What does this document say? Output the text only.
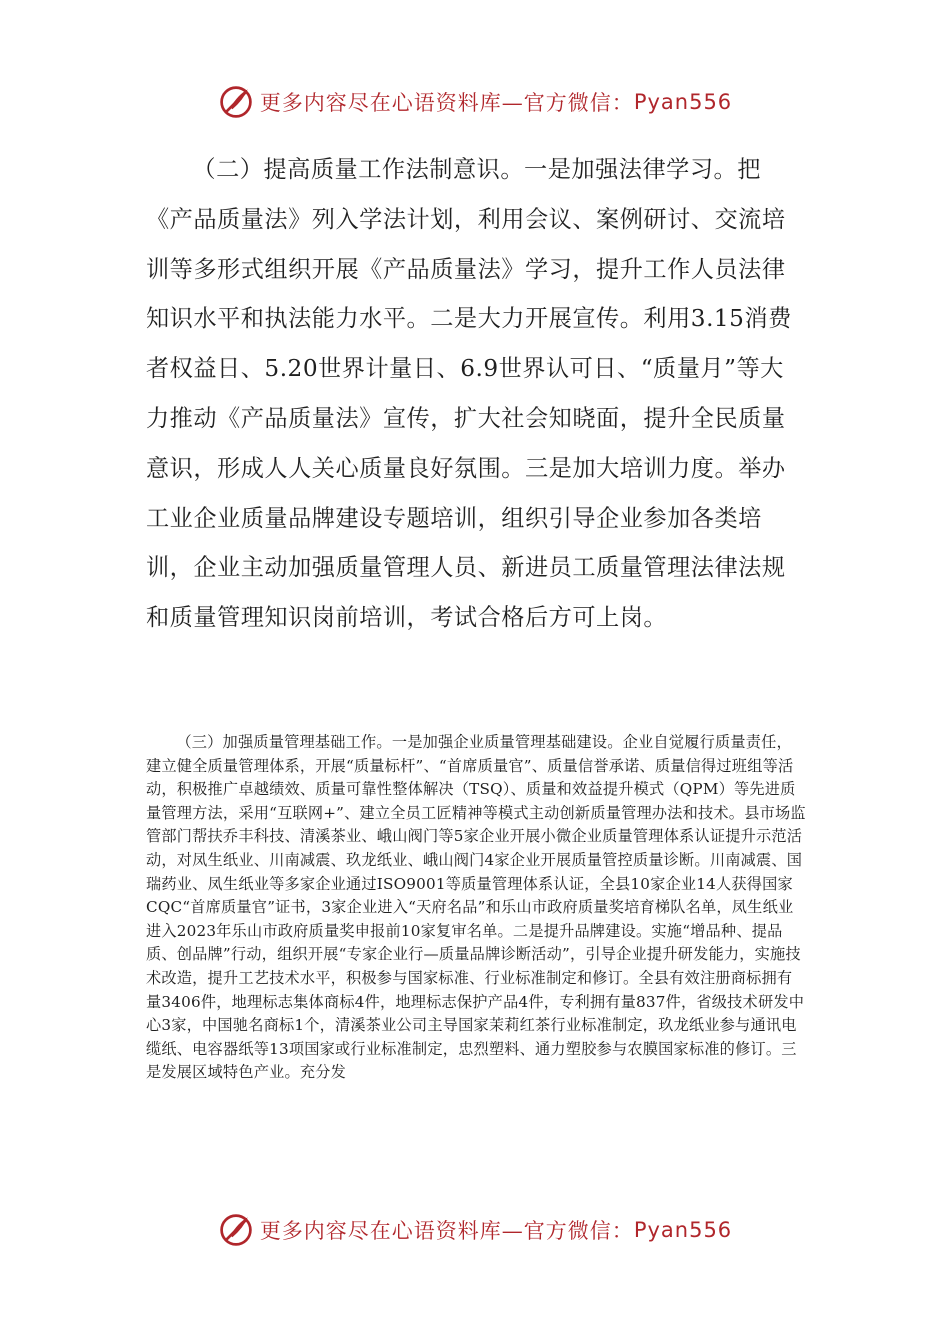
更多内容尽在心语资料库—官方微信： Pyan556

（二）提高质量工作法制意识。一是加强法律学习。把《产品质量法》列入学法计划，利用会议、案例研讨、交流培训等多形式组织开展《产品质量法》学习，提升工作人员法律知识水平和执法能力水平。二是大力开展宣传。利用3.15消费者权益日、5.20世界计量日、6.9世界认可日、“质量月”等大力推动《产品质量法》宣传，扩大社会知晓面，提升全民质量意识，形成人人关心质量良好氛围。三是加大培训力度。举办工业企业质量品牌建设专题培训，组织引导企业参加各类培训，企业主动加强质量管理人员、新进员工质量管理法律法规和质量管理知识岗前培训，考试合格后方可上岗。

（三）加强质量管理基础工作。一是加强企业质量管理基础建设。企业自觉履行质量责任，建立健全质量管理体系，开展“质量标杆”、“首席质量官”、质量信誉承诺、质量信得过班组等活动，积极推广卓越绩效、质量可靠性整体解决（TSQ）、质量和效益提升模式（QPM）等先进质量管理方法，采用“互联网+”、建立全员工匠精神等模式主动创新质量管理办法和技术。县市场监管部门帮扶乔丰科技、清溪茶业、峨山阀门等5家企业开展小微企业质量管理体系认证提升示范活动，对凤生纸业、川南减震、玖龙纸业、峨山阀门4家企业开展质量管控质量诊断。川南减震、国瑞药业、凤生纸业等多家企业通过ISO9001等质量管理体系认证，全县10家企业14人获得国家CQC“首席质量官”证书，3家企业进入“天府名品”和乐山市政府质量奖培育梯队名单，凤生纸业进入2023年乐山市政府质量奖申报前10家复审名单。二是提升品牌建设。实施“增品种、提品质、创品牌”行动，组织开展“专家企业行—质量品牌诊断活动”，引导企业提升研发能力，实施技术改造，提升工艺技术水平，积极参与国家标准、行业标准制定和修订。全县有效注册商标拥有量3406件，地理标志集体商标4件，地理标志保护产品4件，专利拥有量837件，省级技术研发中心3家，中国驰名商标1个，清溪茶业公司主导国家茉莉红茶行业标准制定，玖龙纸业参与通讯电缆纸、电容器纸等13项国家或行业标准制定，忠烈塑料、通力塑胶参与农膜国家标准的修订。三是发展区域特色产业。充分发

更多内容尽在心语资料库—官方微信： Pyan556
